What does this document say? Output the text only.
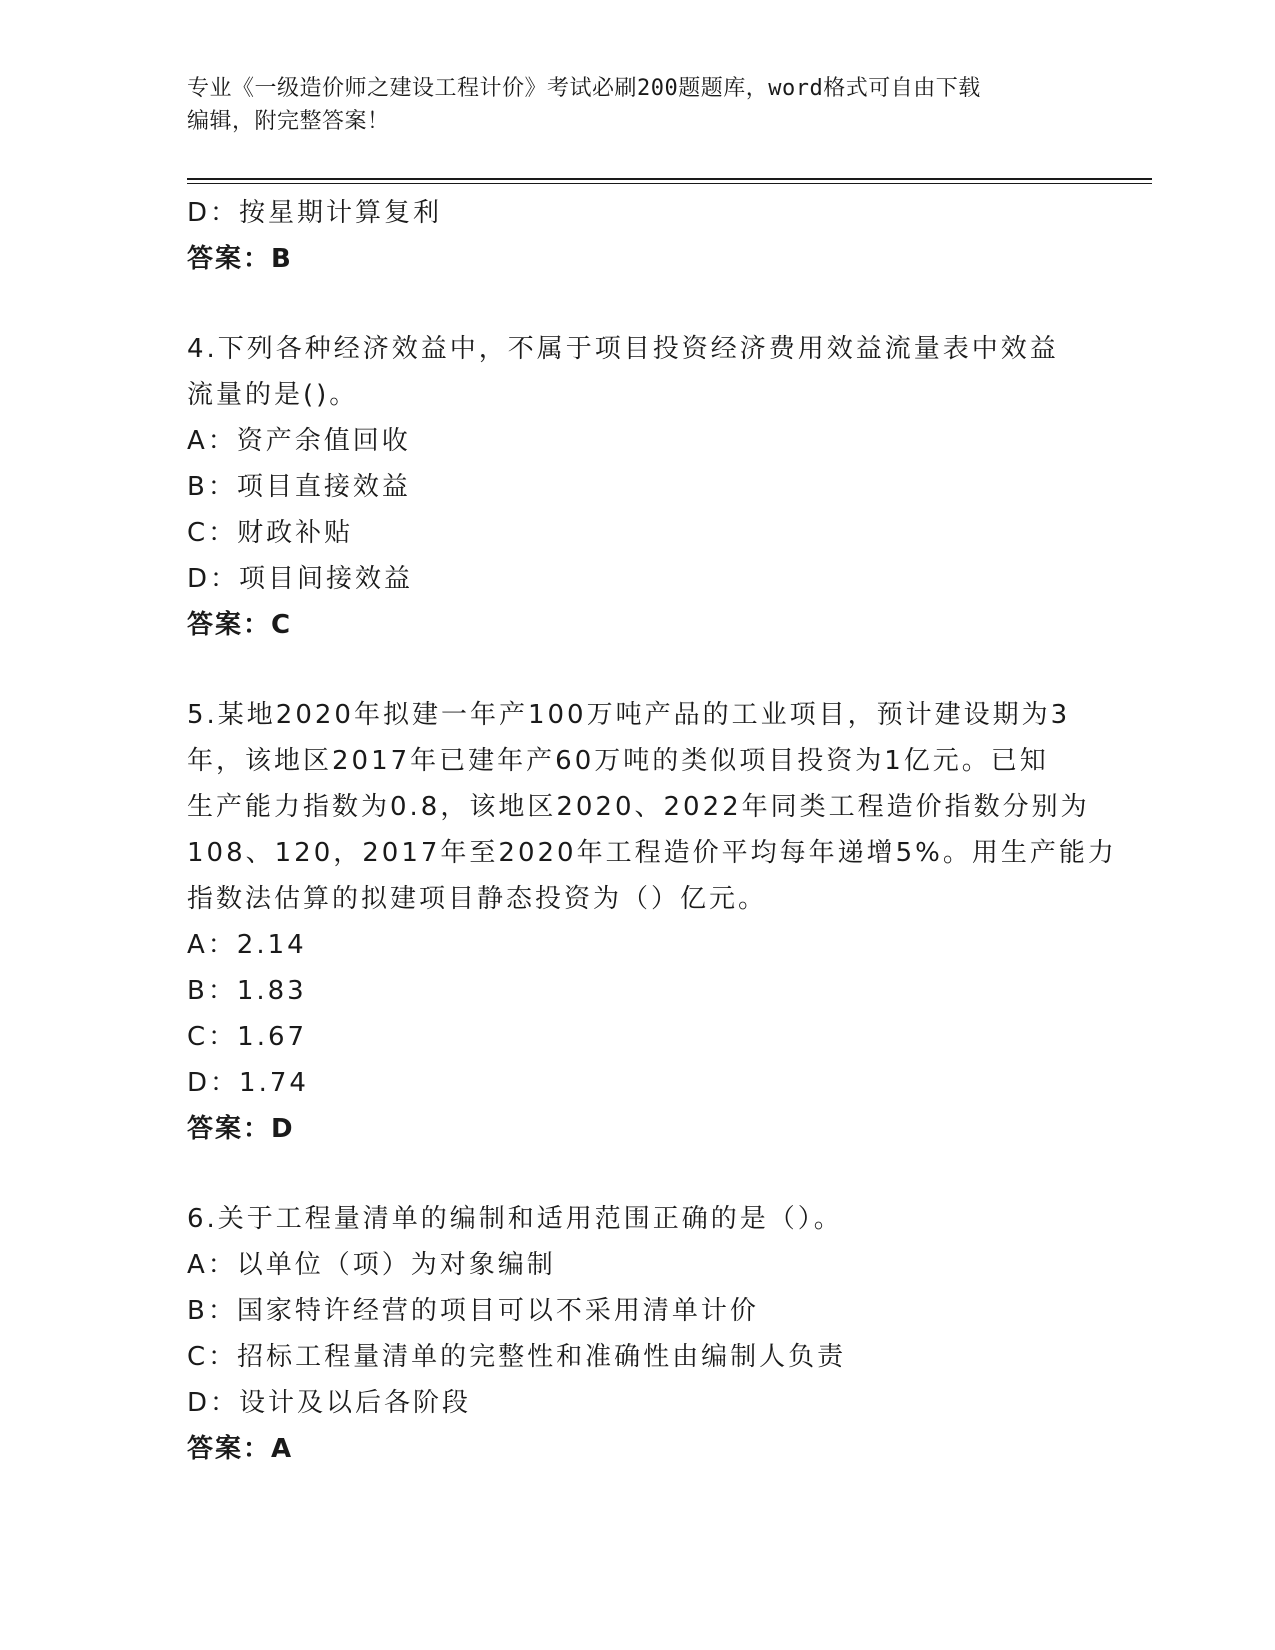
专业《一级造价师之建设工程计价》考试必刷200题题库，word格式可自由下载
编辑，附完整答案！
D：按星期计算复利
答案：B
4.下列各种经济效益中，不属于项目投资经济费用效益流量表中效益
流量的是()。
A：资产余值回收
B：项目直接效益
C：财政补贴
D：项目间接效益
答案：C
5.某地2020年拟建一年产100万吨产品的工业项目，预计建设期为3
年，该地区2017年已建年产60万吨的类似项目投资为1亿元。已知
生产能力指数为0.8，该地区2020、2022年同类工程造价指数分别为
108、120，2017年至2020年工程造价平均每年递增5%。用生产能力
指数法估算的拟建项目静态投资为（）亿元。
A：2.14
B：1.83
C：1.67
D：1.74
答案：D
6.关于工程量清单的编制和适用范围正确的是（）。
A：以单位（项）为对象编制
B：国家特许经营的项目可以不采用清单计价
C：招标工程量清单的完整性和准确性由编制人负责
D：设计及以后各阶段
答案：A
